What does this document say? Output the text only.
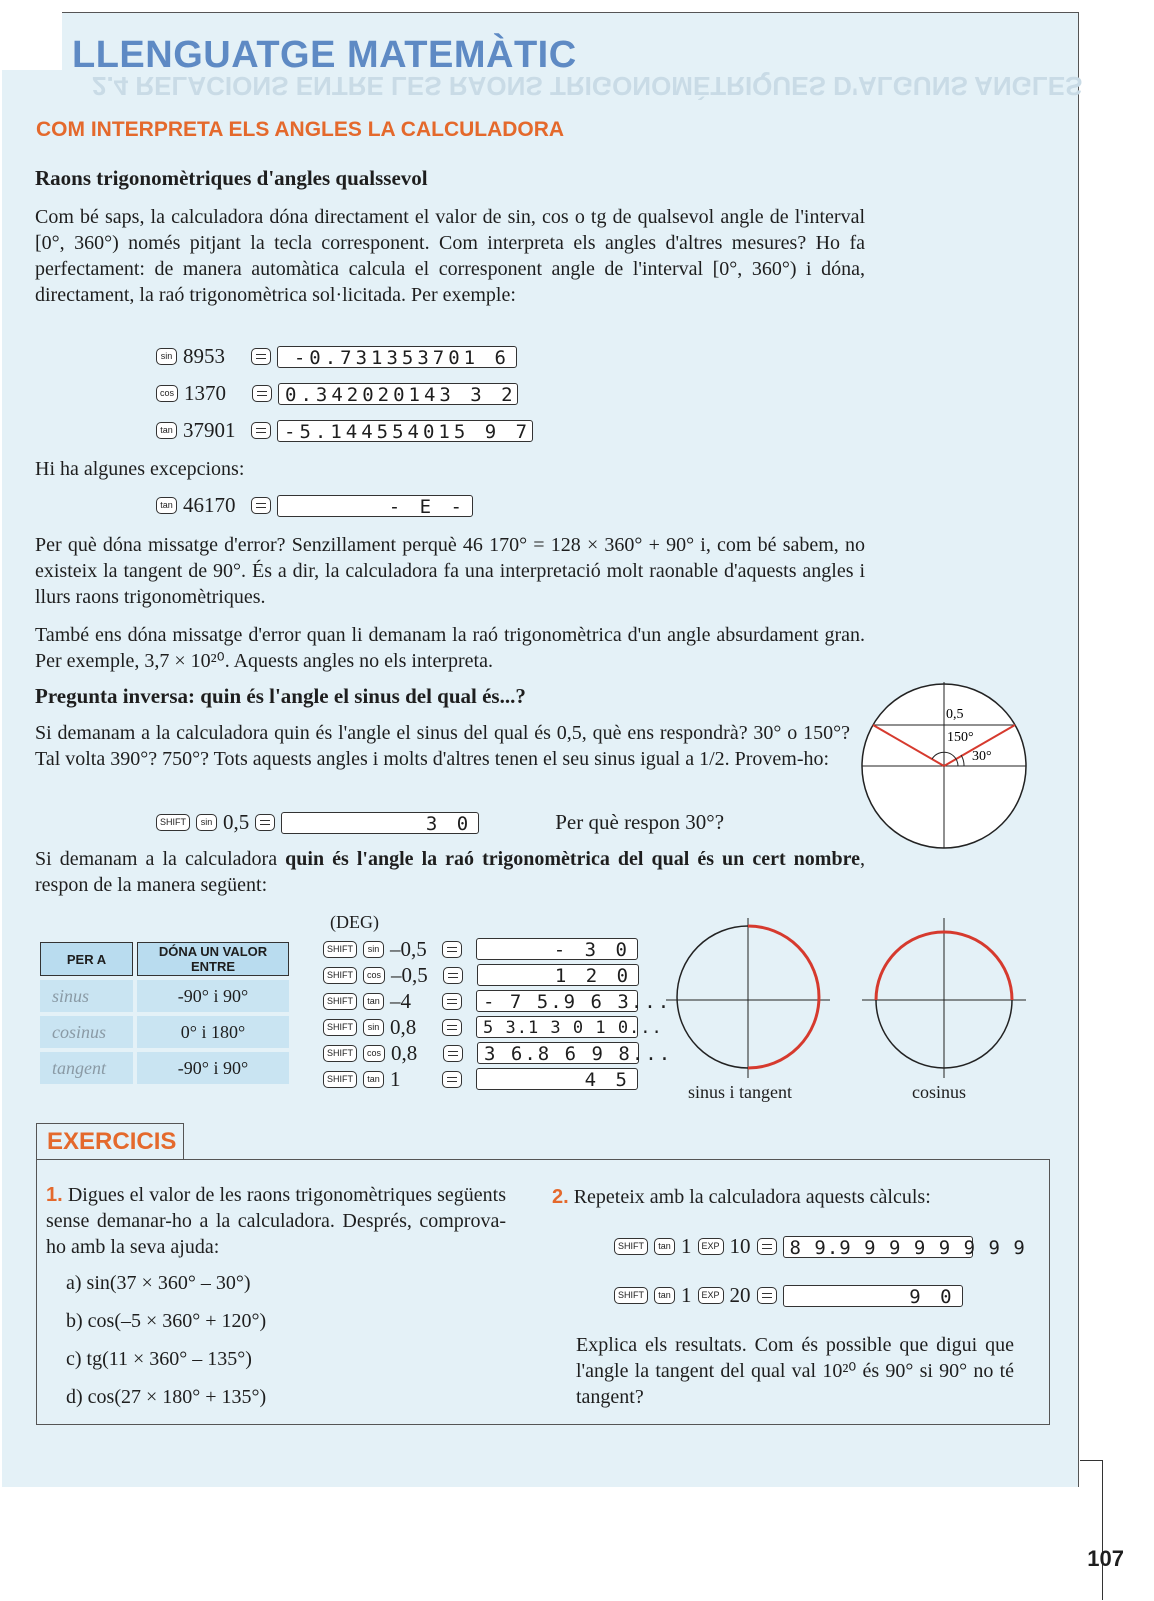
2.4 RELACIONS ENTRE LES RAONS TRIGONOMÈTRIQUES D'ALGUNS ANGLES
LLENGUATGE MATEMÀTIC
COM INTERPRETA ELS ANGLES LA CALCULADORA
Raons trigonomètriques d'angles qualssevol

Com bé saps, la calculadora dóna directament el valor de sin, cos o tg de qualsevol angle de l'interval [0°, 360°) només pitjant la tecla corresponent. Com interpreta els angles d'altres mesures? Ho fa perfectament: de manera automàtica calcula el corresponent angle de l'interval [0°, 360°) i dóna, directament, la raó trigonomètrica sol·licitada. Per exemple:

sin 8953	-0.731353701 6
cos 1370	0.342020143 3 2
tan 37901	-5.144554015 9 7
Hi ha algunes excepcions:
tan 46170	- E -

Per què dóna missatge d'error? Senzillament perquè 46 170° = 128 × 360° + 90° i, com bé sabem, no existeix la tangent de 90°. És a dir, la calculadora fa una interpretació molt raonable d'aquests angles i llurs raons trigonomètriques.

També ens dóna missatge d'error quan li demanam la raó trigonomètrica d'un angle absurdament gran. Per exemple, 3,7 × 10²⁰. Aquests angles no els interpreta.

Pregunta inversa: quin és l'angle el sinus del qual és...?

Si demanam a la calculadora quin és l'angle el sinus del qual és 0,5, què ens respondrà? 30° o 150°? Tal volta 390°? 750°? Tots aquests angles i molts d'altres tenen el seu sinus igual a 1/2. Provem-ho:

SHIFT	sin 0,5	3 0	Per què respon 30°?
0,5
150°
30°

Si demanam a la calculadora quin és l'angle la raó trigonomètrica del qual és un cert nombre, respon de la manera següent:

PER A	DÓNA UN VALOR ENTRE
sinus	-90° i 90°
cosinus	0° i 180°
tangent	-90° i 90°
(DEG)
SHIFT	sin –0,5	- 3 0
SHIFT	cos –0,5	1 2 0
SHIFT	tan –4	- 7 5.9 6 3...
SHIFT	sin 0,8	5 3.1 3 0 1 0...
SHIFT	cos 0,8	3 6.8 6 9 8...
SHIFT	tan 1	4 5
sinus i tangent	cosinus
EXERCICIS
1. Digues el valor de les raons trigonomètriques següents sense demanar-ho a la calculadora. Després, comprova-ho amb la seva ajuda:
a) sin(37 × 360° – 30°)
b) cos(–5 × 360° + 120°)
c) tg(11 × 360° – 135°)
d) cos(27 × 180° + 135°)
2. Repeteix amb la calculadora aquests càlculs:
SHIFT	tan 1	EXP 10	8 9.9 9 9 9 9 9 9 9
SHIFT	tan 1	EXP 20	9 0
Explica els resultats. Com és possible que digui que l'angle la tangent del qual val 10²⁰ és 90° si 90° no té tangent?
107
